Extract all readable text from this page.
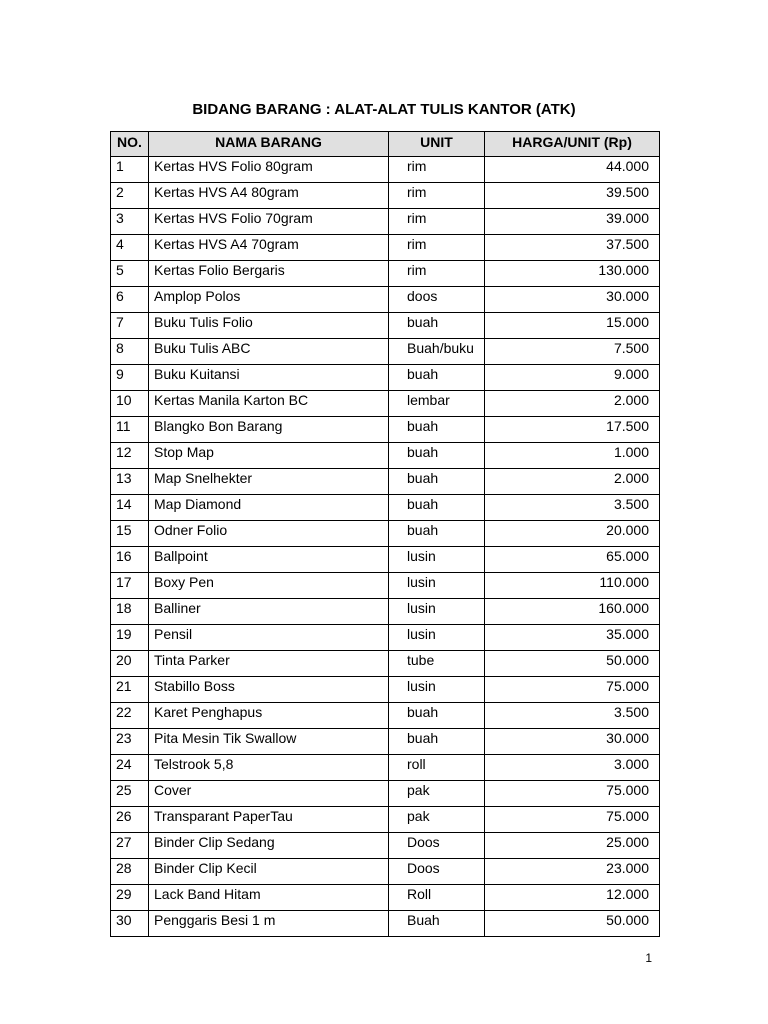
BIDANG BARANG : ALAT-ALAT TULIS KANTOR (ATK)
NO.	NAMA BARANG	UNIT	HARGA/UNIT (Rp)
1	Kertas HVS Folio 80gram	rim	44.000
2	Kertas HVS A4 80gram	rim	39.500
3	Kertas HVS Folio 70gram	rim	39.000
4	Kertas HVS A4 70gram	rim	37.500
5	Kertas Folio Bergaris	rim	130.000
6	Amplop Polos	doos	30.000
7	Buku Tulis Folio	buah	15.000
8	Buku Tulis ABC	Buah/buku	7.500
9	Buku Kuitansi	buah	9.000
10	Kertas Manila Karton BC	lembar	2.000
11	Blangko Bon Barang	buah	17.500
12	Stop Map	buah	1.000
13	Map Snelhekter	buah	2.000
14	Map Diamond	buah	3.500
15	Odner Folio	buah	20.000
16	Ballpoint	lusin	65.000
17	Boxy Pen	lusin	110.000
18	Balliner	lusin	160.000
19	Pensil	lusin	35.000
20	Tinta Parker	tube	50.000
21	Stabillo Boss	lusin	75.000
22	Karet Penghapus	buah	3.500
23	Pita Mesin Tik Swallow	buah	30.000
24	Telstrook 5,8	roll	3.000
25	Cover	pak	75.000
26	Transparant PaperTau	pak	75.000
27	Binder Clip Sedang	Doos	25.000
28	Binder Clip Kecil	Doos	23.000
29	Lack Band Hitam	Roll	12.000
30	Penggaris Besi 1 m	Buah	50.000
1
